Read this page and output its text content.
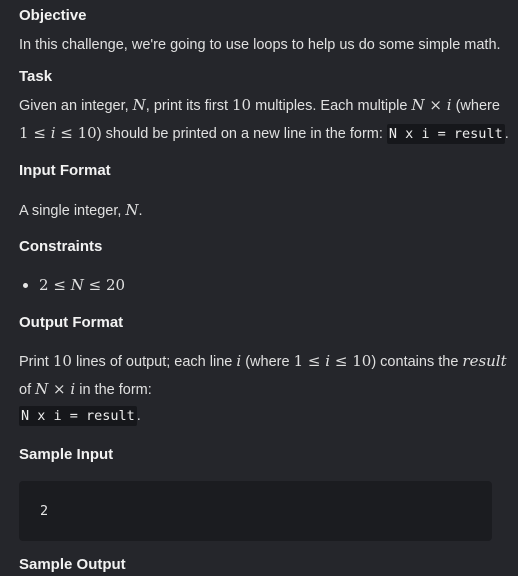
Objective
In this challenge, we're going to use loops to help us do some simple math.
Task
Given an integer, N, print its first 10 multiples. Each multiple N × i (where
1 ≤ i ≤ 10) should be printed on a new line in the form: N x i = result .
Input Format
A single integer, N.
Constraints
2 ≤ N ≤ 20
Output Format
Print 10 lines of output; each line i (where 1 ≤ i ≤ 10) contains the result
of N × i in the form:
N x i = result .
Sample Input
2
Sample Output
